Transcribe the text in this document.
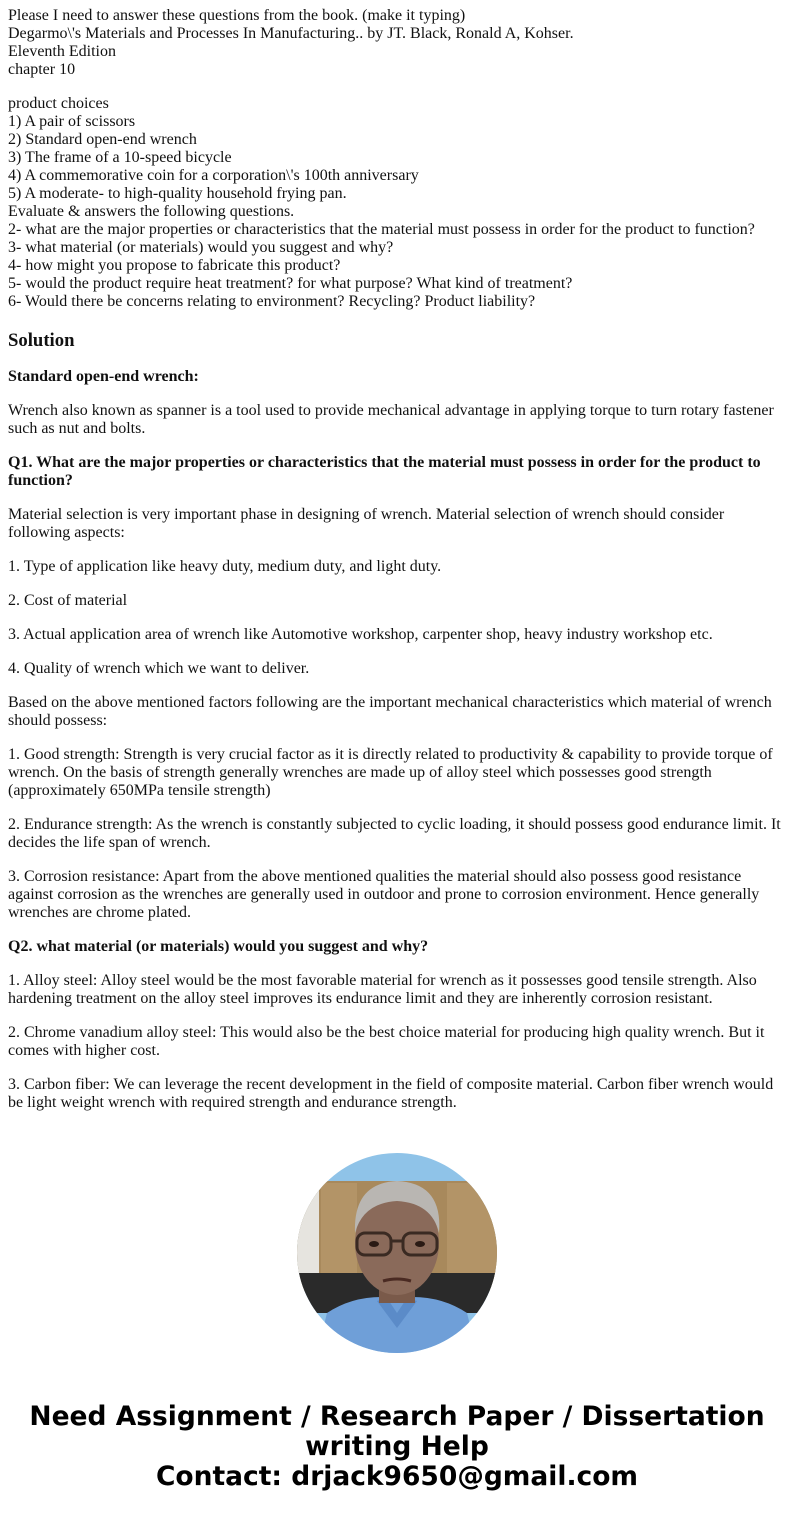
Please I need to answer these questions from the book. (make it typing)
Degarmo\'s Materials and Processes In Manufacturing.. by JT. Black, Ronald A, Kohser.
Eleventh Edition
chapter 10
product choices
1) A pair of scissors
2) Standard open-end wrench
3) The frame of a 10-speed bicycle
4) A commemorative coin for a corporation\'s 100th anniversary
5) A moderate- to high-quality household frying pan.
Evaluate & answers the following questions.
2- what are the major properties or characteristics that the material must possess in order for the product to function?
3- what material (or materials) would you suggest and why?
4- how might you propose to fabricate this product?
5- would the product require heat treatment? for what purpose? What kind of treatment?
6- Would there be concerns relating to environment? Recycling? Product liability?
Solution
Standard open-end wrench:

Wrench also known as spanner is a tool used to provide mechanical advantage in applying torque to turn rotary fastener such as nut and bolts.

Q1. What are the major properties or characteristics that the material must possess in order for the product to function?

Material selection is very important phase in designing of wrench. Material selection of wrench should consider following aspects:

1. Type of application like heavy duty, medium duty, and light duty.

2. Cost of material

3. Actual application area of wrench like Automotive workshop, carpenter shop, heavy industry workshop etc.

4. Quality of wrench which we want to deliver.

Based on the above mentioned factors following are the important mechanical characteristics which material of wrench should possess:

1. Good strength: Strength is very crucial factor as it is directly related to productivity & capability to provide torque of wrench. On the basis of strength generally wrenches are made up of alloy steel which possesses good strength (approximately 650MPa tensile strength)

2. Endurance strength: As the wrench is constantly subjected to cyclic loading, it should possess good endurance limit. It decides the life span of wrench.

3. Corrosion resistance: Apart from the above mentioned qualities the material should also possess good resistance against corrosion as the wrenches are generally used in outdoor and prone to corrosion environment. Hence generally wrenches are chrome plated.

Q2. what material (or materials) would you suggest and why?

1. Alloy steel: Alloy steel would be the most favorable material for wrench as it possesses good tensile strength. Also hardening treatment on the alloy steel improves its endurance limit and they are inherently corrosion resistant.

2. Chrome vanadium alloy steel: This would also be the best choice material for producing high quality wrench. But it comes with higher cost.

3. Carbon fiber: We can leverage the recent development in the field of composite material. Carbon fiber wrench would be light weight wrench with required strength and endurance strength.

Need Assignment / Research Paper / Dissertation
writing Help
Contact: drjack9650@gmail.com
